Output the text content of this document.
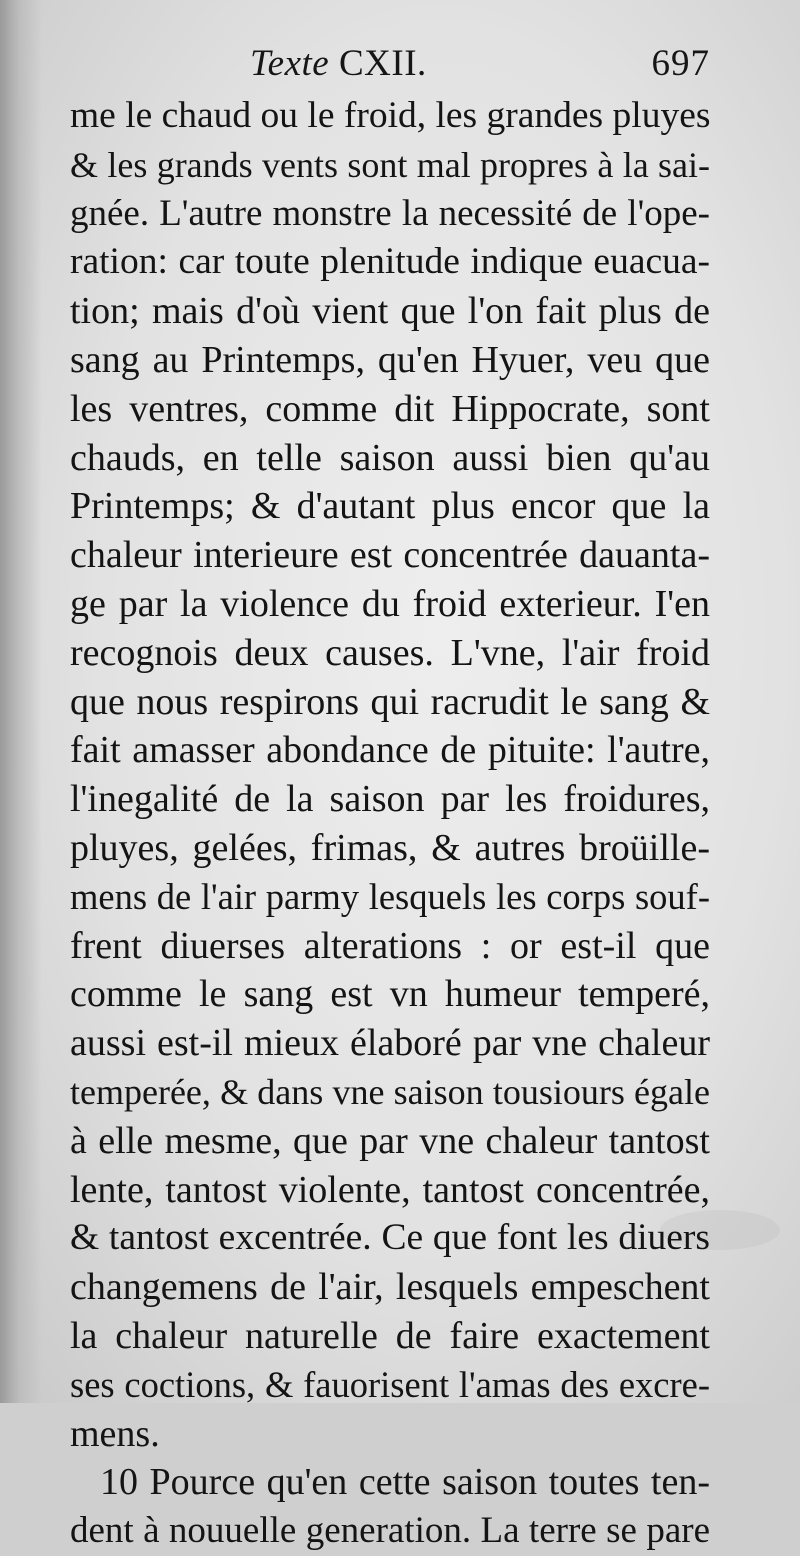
Texte CXII.	697
me le chaud ou le froid, les grandes pluyes
& les grands vents sont mal propres à la sai-
gnée. L'autre monstre la necessité de l'ope-
ration: car toute plenitude indique euacua-
tion; mais d'où vient que l'on fait plus de
sang au Printemps, qu'en Hyuer, veu que
les ventres, comme dit Hippocrate, sont
chauds, en telle saison aussi bien qu'au
Printemps; & d'autant plus encor que la
chaleur interieure est concentrée dauanta-
ge par la violence du froid exterieur. I'en
recognois deux causes. L'vne, l'air froid
que nous respirons qui racrudit le sang &
fait amasser abondance de pituite: l'autre,
l'inegalité de la saison par les froidures,
pluyes, gelées, frimas, & autres broüille-
mens de l'air parmy lesquels les corps souf-
frent diuerses alterations : or est-il que
comme le sang est vn humeur temperé,
aussi est-il mieux élaboré par vne chaleur
temperée, & dans vne saison tousiours égale
à elle mesme, que par vne chaleur tantost
lente, tantost violente, tantost concentrée,
& tantost excentrée. Ce que font les diuers
changemens de l'air, lesquels empeschent
la chaleur naturelle de faire exactement
ses coctions, & fauorisent l'amas des excre-
mens.
10 Pource qu'en cette saison toutes ten-
dent à nouuelle generation. La terre se pare
